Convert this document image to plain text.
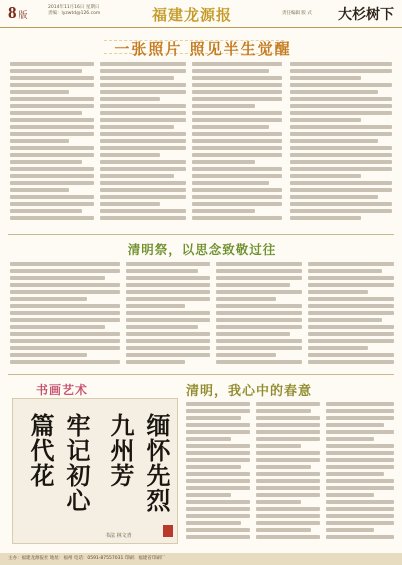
8 版
2014年11月16日 星期日
责编：lyzwtd@126.com	福建龙源报	责任编辑 版 式 大杉树下
一张照片 照见半生觉醒
清明祭，以思念致敬过往
书画艺术
缅怀先烈
九州芳
牢记初心
篇代花
书法 林文青
清明，我心中的春意
主办：福建龙源报社 地址：福州 电话：0591-87557031 印刷：福建省印刷厂
